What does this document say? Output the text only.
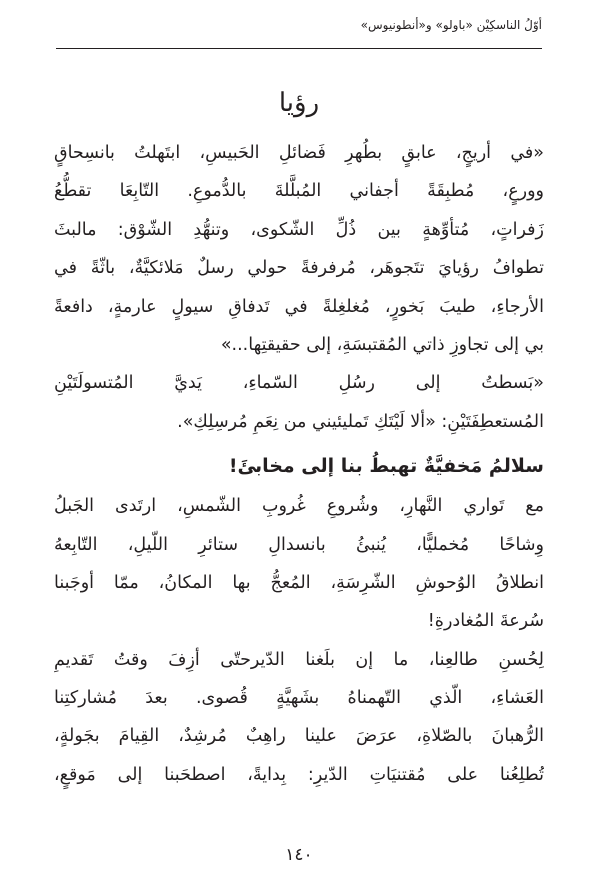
أوّلُ الناسكِيْن «باولو» و«أنطونيوس»
رؤيا
«في أريجٍ، عابقٍ بطُهرِ فَضائلِ الحَبيسِ، ابتَهلتُ بانسِحاقٍ
وورعٍ، مُطبِقَةً أجفاني المُبلَّلةَ بالدُّموعِ. التّابِعَا تقطُّعُ
زَفراتٍ، مُتأوِّهةٍ بين ذُلِّ الشّكوى، وتنهُّدِ الشّوْق: مالبثَ
تطوافُ رؤيايَ تتَجوهَر، مُرفرفةً حولي رسلٌ مَلائكيَّةٌ، باثّةً في
الأرجاءِ، طيبَ بَخورٍ، مُغلغِلةً في تَدفاقِ سيولٍ عارمةٍ، دافعةً
بي إلى تجاوزِ ذاتي المُقتبسَةِ، إلى حقيقتِها...»
«بَسطتُ إلى رسُلِ السّماءِ، يَديَّ المُتسولَتَيْنِ
المُستعطِفَتَيْنِ: «ألا لَيْتَكِ تَمليئيني من نِعَمِ مُرسِلِكِ».
سلالمُ مَخفيَّةٌ تهبطُ بنا إلى مخابئَ!
مع تَواري النَّهارِ، وشُروعِ غُروبِ الشّمسِ، ارتَدى الجَبلُ
وِشاحًا مُخمليًّا، يُنبئُ بانسدالِ ستائرِ اللّيلِ، التّابِعهُ
انطلاقُ الوُحوشِ الشّرِسَةِ، المُعجُّ بها المكانُ، ممّا أوجَبنا
سُرعةَ المُغادرةِ!
لِحُسنِ طالعِنا، ما إن بلَغنا الدّيرحتّى أزِفَ وقتُ تَقديمِ
العَشاءِ، الّذي التّهمناهُ بشَهيَّةٍ قُصوى. بعدَ مُشاركتِنا
الرُّهبانَ بالصّلاةِ، عرَضَ علينا راهِبٌ مُرشِدٌ، القِيامَ بجَولةٍ،
تُطلِعُنا على مُقتنيَاتِ الدّيرِ: بِدايةً، اصطحَبنا إلى مَوقعٍ،
١٤٠
